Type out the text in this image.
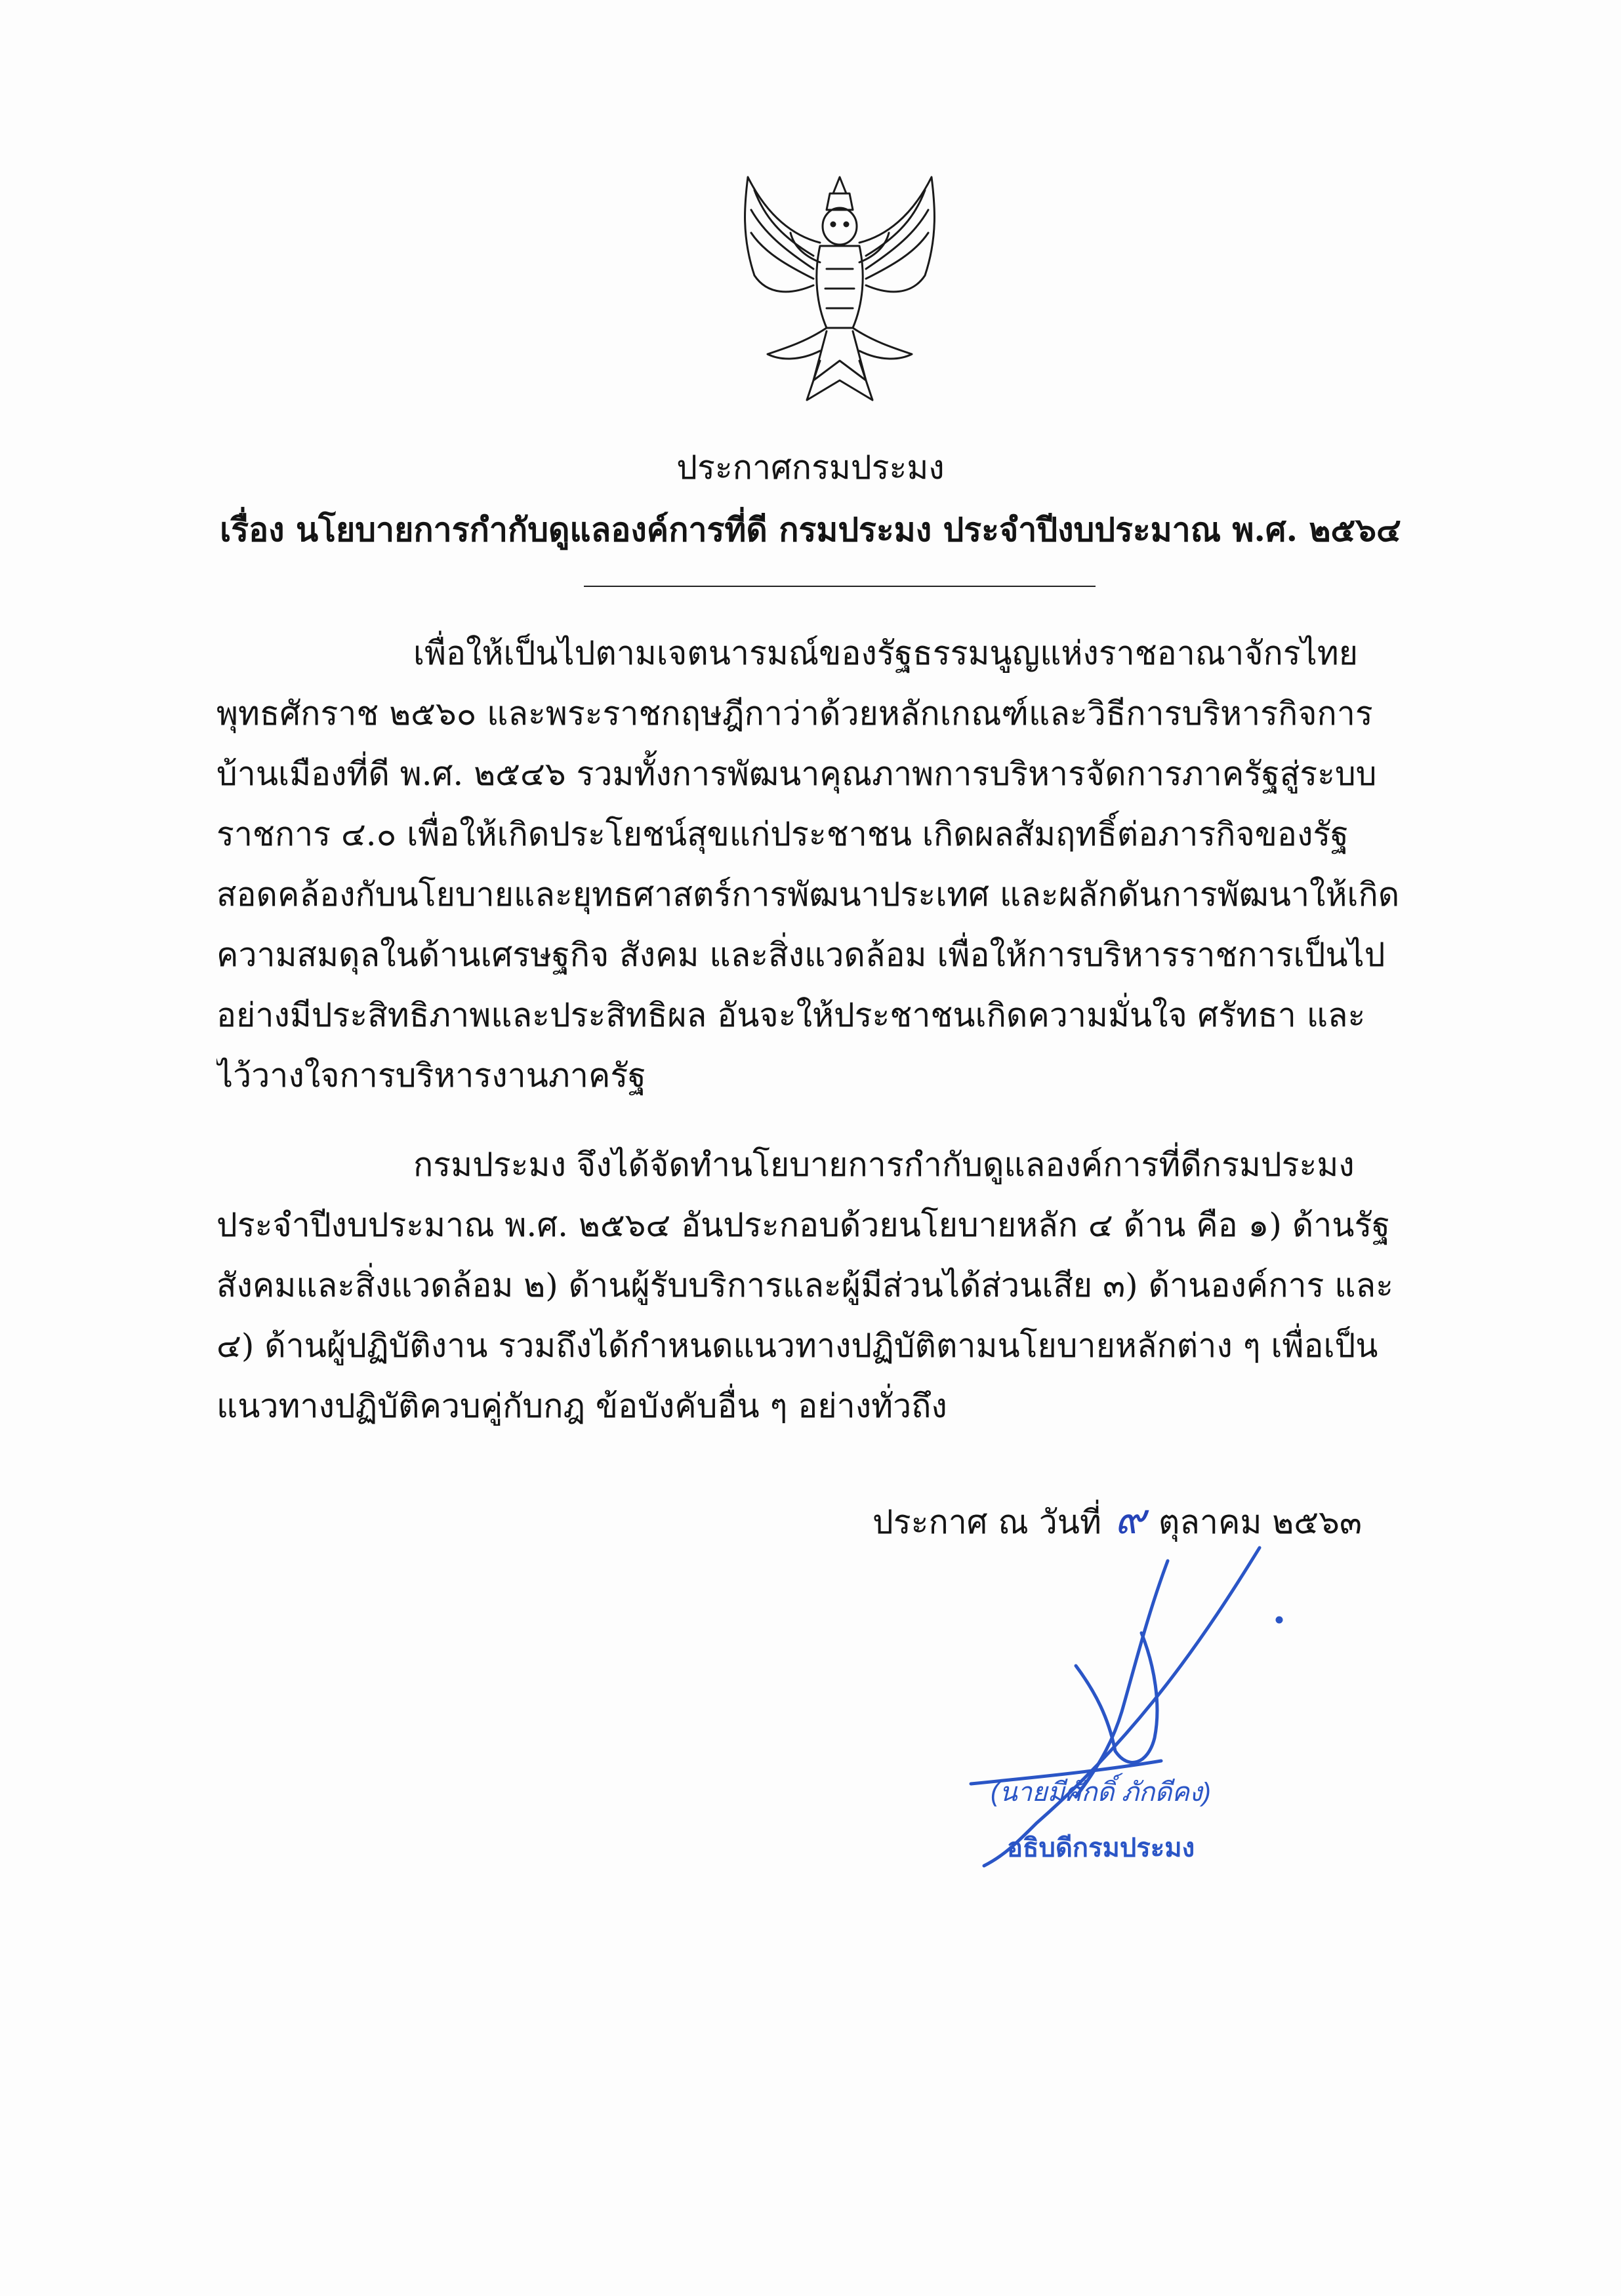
ประกาศกรมประมง
เรื่อง นโยบายการกำกับดูแลองค์การที่ดี กรมประมง ประจำปีงบประมาณ พ.ศ. ๒๕๖๔
เพื่อให้เป็นไปตามเจตนารมณ์ของรัฐธรรมนูญแห่งราชอาณาจักรไทย
พุทธศักราช ๒๕๖๐ และพระราชกฤษฎีกาว่าด้วยหลักเกณฑ์และวิธีการบริหารกิจการ
บ้านเมืองที่ดี พ.ศ. ๒๕๔๖ รวมทั้งการพัฒนาคุณภาพการบริหารจัดการภาครัฐสู่ระบบ
ราชการ ๔.๐ เพื่อให้เกิดประโยชน์สุขแก่ประชาชน เกิดผลสัมฤทธิ์ต่อภารกิจของรัฐ
สอดคล้องกับนโยบายและยุทธศาสตร์การพัฒนาประเทศ และผลักดันการพัฒนาให้เกิด
ความสมดุลในด้านเศรษฐกิจ สังคม และสิ่งแวดล้อม เพื่อให้การบริหารราชการเป็นไป
อย่างมีประสิทธิภาพและประสิทธิผล อันจะให้ประชาชนเกิดความมั่นใจ ศรัทธา และ
ไว้วางใจการบริหารงานภาครัฐ
กรมประมง จึงได้จัดทำนโยบายการกำกับดูแลองค์การที่ดีกรมประมง
ประจำปีงบประมาณ พ.ศ. ๒๕๖๔ อันประกอบด้วยนโยบายหลัก ๔ ด้าน คือ ๑) ด้านรัฐ
สังคมและสิ่งแวดล้อม ๒) ด้านผู้รับบริการและผู้มีส่วนได้ส่วนเสีย ๓) ด้านองค์การ และ
๔) ด้านผู้ปฏิบัติงาน รวมถึงได้กำหนดแนวทางปฏิบัติตามนโยบายหลักต่าง ๆ เพื่อเป็น
แนวทางปฏิบัติควบคู่กับกฎ ข้อบังคับอื่น ๆ อย่างทั่วถึง
ประกาศ ณ วันที่ ๙ ตุลาคม ๒๕๖๓
(นายมีศักดิ์ ภักดีคง)
อธิบดีกรมประมง
